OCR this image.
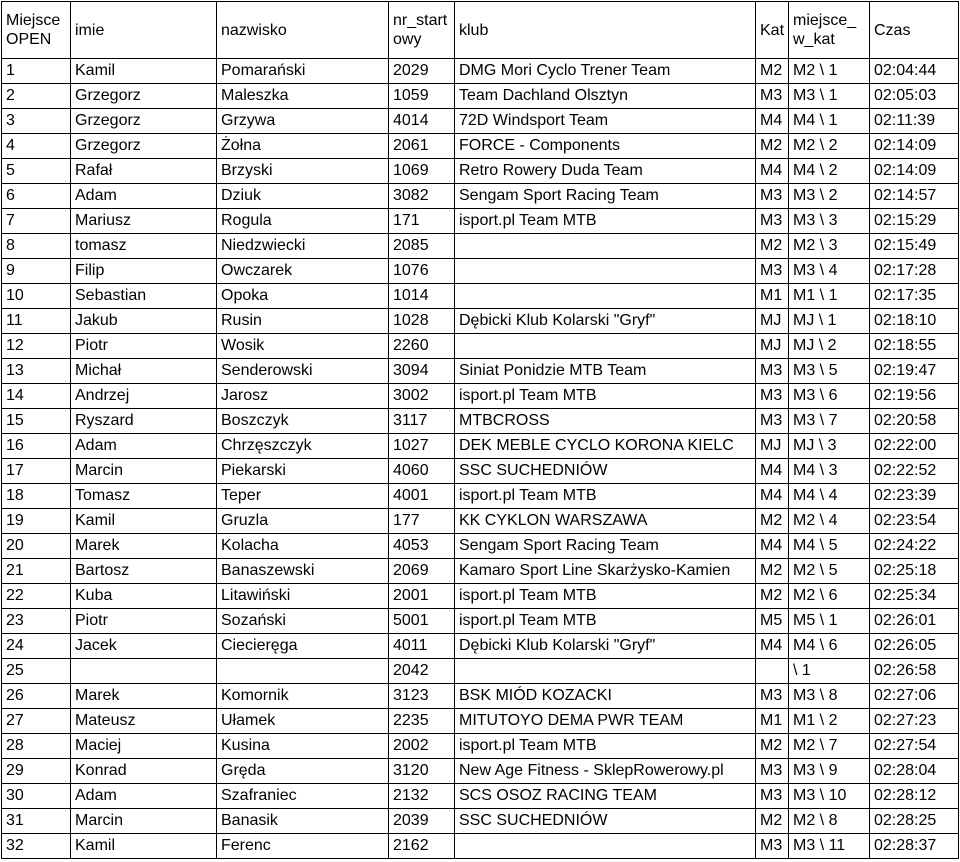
Miejsce OPEN	imie	nazwisko	nr_start owy	klub	Kat	miejsce_ w_kat	Czas
1	Kamil	Pomarański	2029	DMG Mori Cyclo Trener Team	M2	M2 \ 1	02:04:44
2	Grzegorz	Maleszka	1059	Team Dachland Olsztyn	M3	M3 \ 1	02:05:03
3	Grzegorz	Grzywa	4014	72D Windsport Team	M4	M4 \ 1	02:11:39
4	Grzegorz	Żołna	2061	FORCE - Components	M2	M2 \ 2	02:14:09
5	Rafał	Brzyski	1069	Retro Rowery Duda Team	M4	M4 \ 2	02:14:09
6	Adam	Dziuk	3082	Sengam Sport Racing Team	M3	M3 \ 2	02:14:57
7	Mariusz	Rogula	171	isport.pl Team MTB	M3	M3 \ 3	02:15:29
8	tomasz	Niedzwiecki	2085		M2	M2 \ 3	02:15:49
9	Filip	Owczarek	1076		M3	M3 \ 4	02:17:28
10	Sebastian	Opoka	1014		M1	M1 \ 1	02:17:35
11	Jakub	Rusin	1028	Dębicki Klub Kolarski "Gryf"	MJ	MJ \ 1	02:18:10
12	Piotr	Wosik	2260		MJ	MJ \ 2	02:18:55
13	Michał	Senderowski	3094	Siniat Ponidzie MTB Team	M3	M3 \ 5	02:19:47
14	Andrzej	Jarosz	3002	isport.pl Team MTB	M3	M3 \ 6	02:19:56
15	Ryszard	Boszczyk	3117	MTBCROSS	M3	M3 \ 7	02:20:58
16	Adam	Chrzęszczyk	1027	DEK MEBLE CYCLO KORONA KIELC	MJ	MJ \ 3	02:22:00
17	Marcin	Piekarski	4060	SSC SUCHEDNIÓW	M4	M4 \ 3	02:22:52
18	Tomasz	Teper	4001	isport.pl Team MTB	M4	M4 \ 4	02:23:39
19	Kamil	Gruzla	177	KK CYKLON WARSZAWA	M2	M2 \ 4	02:23:54
20	Marek	Kolacha	4053	Sengam Sport Racing Team	M4	M4 \ 5	02:24:22
21	Bartosz	Banaszewski	2069	Kamaro Sport Line Skarżysko-Kamien	M2	M2 \ 5	02:25:18
22	Kuba	Litawiński	2001	isport.pl Team MTB	M2	M2 \ 6	02:25:34
23	Piotr	Sozański	5001	isport.pl Team MTB	M5	M5 \ 1	02:26:01
24	Jacek	Ciecieręga	4011	Dębicki Klub Kolarski "Gryf"	M4	M4 \ 6	02:26:05
25			2042			\ 1	02:26:58
26	Marek	Komornik	3123	BSK MIÓD KOZACKI	M3	M3 \ 8	02:27:06
27	Mateusz	Ułamek	2235	MITUTOYO DEMA PWR TEAM	M1	M1 \ 2	02:27:23
28	Maciej	Kusina	2002	isport.pl Team MTB	M2	M2 \ 7	02:27:54
29	Konrad	Gręda	3120	New Age Fitness - SklepRowerowy.pl	M3	M3 \ 9	02:28:04
30	Adam	Szafraniec	2132	SCS OSOZ RACING TEAM	M3	M3 \ 10	02:28:12
31	Marcin	Banasik	2039	SSC SUCHEDNIÓW	M2	M2 \ 8	02:28:25
32	Kamil	Ferenc	2162		M3	M3 \ 11	02:28:37
